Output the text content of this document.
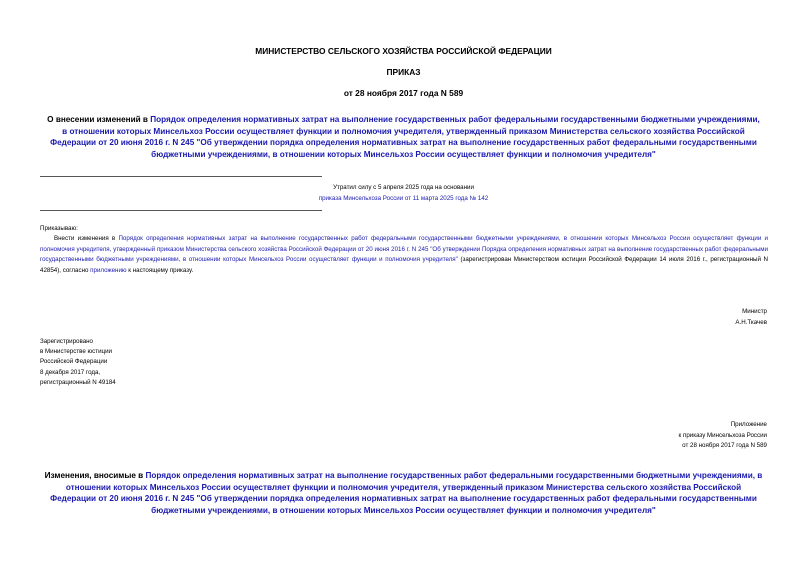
МИНИСТЕРСТВО СЕЛЬСКОГО ХОЗЯЙСТВА РОССИЙСКОЙ ФЕДЕРАЦИИ
ПРИКАЗ
от 28 ноября 2017 года N 589
О внесении изменений в Порядок определения нормативных затрат на выполнение государственных работ федеральными государственными бюджетными учреждениями, в отношении которых Минсельхоз России осуществляет функции и полномочия учредителя, утвержденный приказом Министерства сельского хозяйства Российской Федерации от 20 июня 2016 г. N 245 "Об утверждении порядка определения нормативных затрат на выполнение государственных работ федеральными государственными бюджетными учреждениями, в отношении которых Минсельхоз России осуществляет функции и полномочия учредителя"
Утратил силу с 5 апреля 2025 года на основании
приказа Минсельхоза России от 11 марта 2025 года № 142
Приказываю:
Внести изменения в Порядок определения нормативных затрат на выполнение государственных работ федеральными государственными бюджетными учреждениями, в отношении которых Минсельхоз России осуществляет функции и полномочия учредителя, утвержденный приказом Министерства сельского хозяйства Российской Федерации от 20 июня 2016 г. N 245 "Об утверждении Порядка определения нормативных затрат на выполнение государственных работ федеральными государственными бюджетными учреждениями, в отношении которых Минсельхоз России осуществляет функции и полномочия учредителя" (зарегистрирован Министерством юстиции Российской Федерации 14 июля 2016 г., регистрационный N 42854), согласно приложению к настоящему приказу.
Министр
А.Н.Ткачев
Зарегистрировано
в Министерстве юстиции
Российской Федерации
8 декабря 2017 года,
регистрационный N 49184
Приложение
к приказу Минсельхоза России
от 28 ноября 2017 года N 589
Изменения, вносимые в Порядок определения нормативных затрат на выполнение государственных работ федеральными государственными бюджетными учреждениями, в отношении которых Минсельхоз России осуществляет функции и полномочия учредителя, утвержденный приказом Министерства сельского хозяйства Российской Федерации от 20 июня 2016 г. N 245 "Об утверждении порядка определения нормативных затрат на выполнение государственных работ федеральными государственными бюджетными учреждениями, в отношении которых Минсельхоз России осуществляет функции и полномочия учредителя"
